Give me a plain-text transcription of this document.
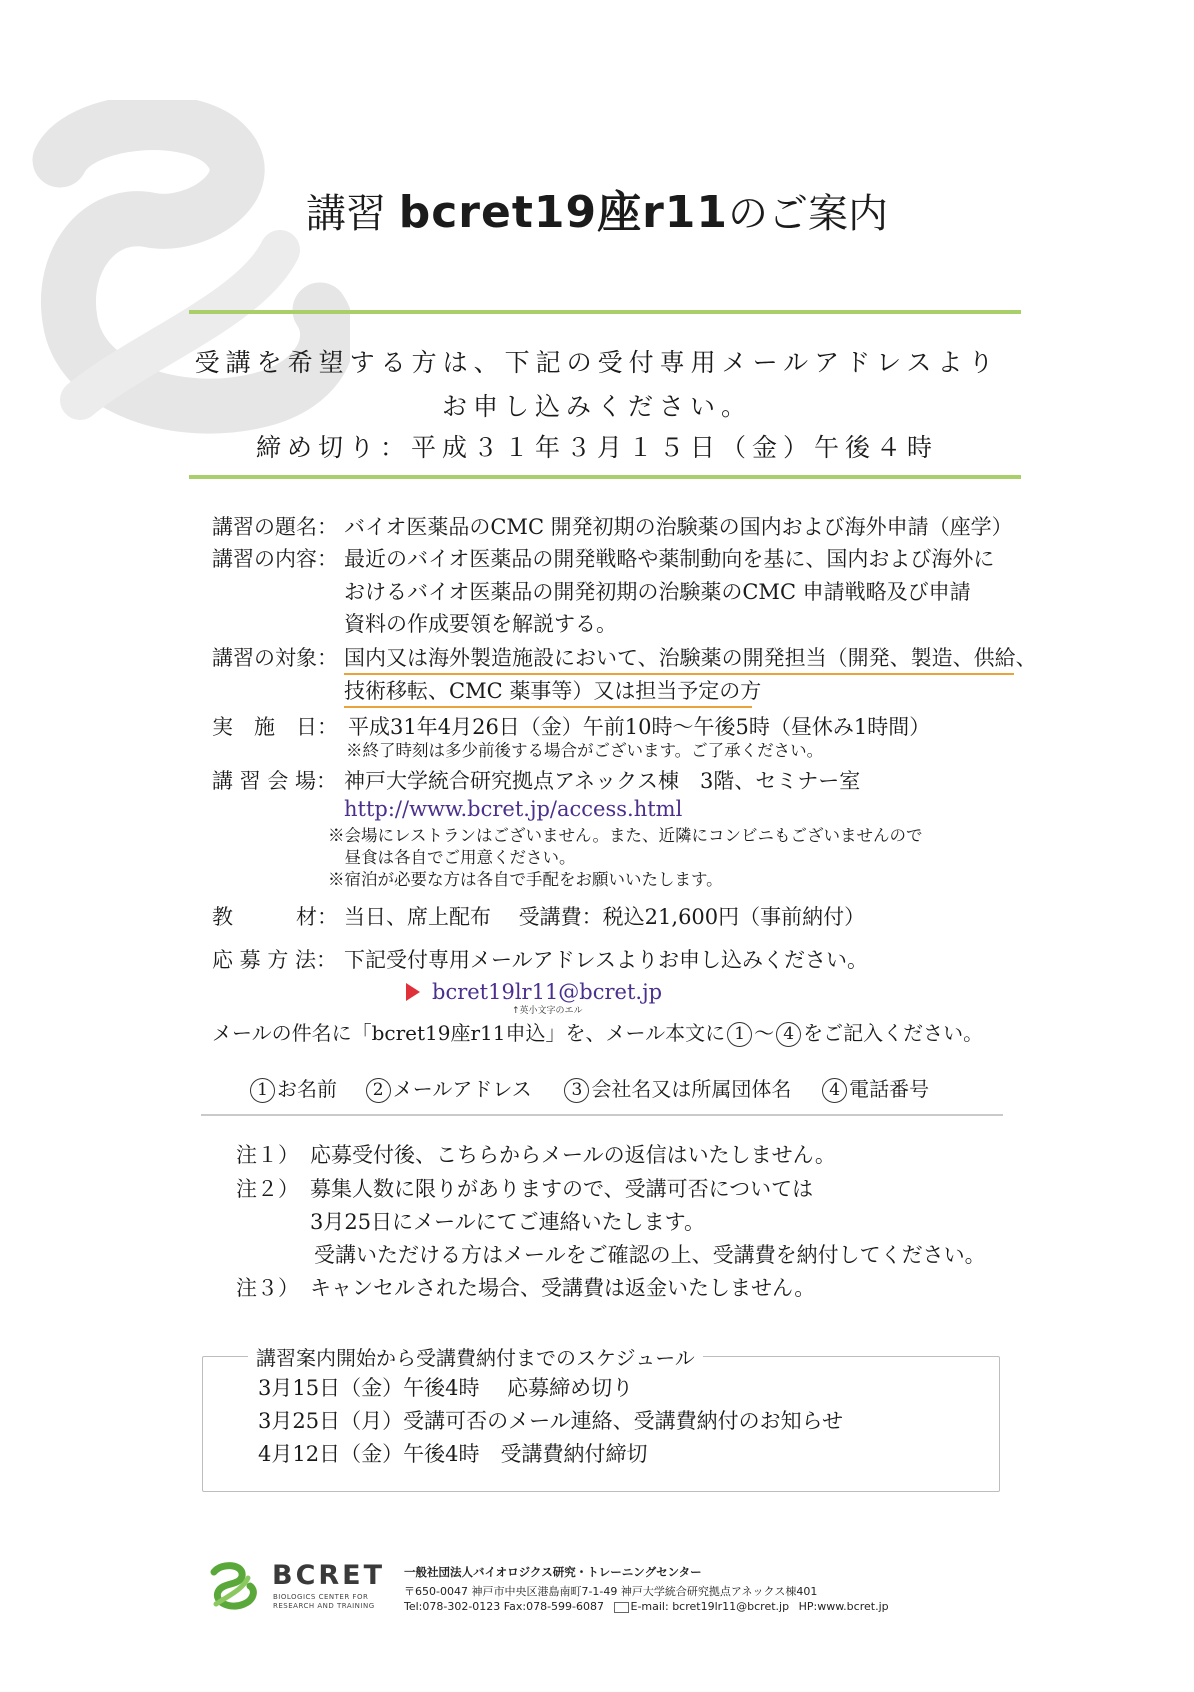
講習 bcret19座r11のご案内
受講を希望する方は、下記の受付専用メールアドレスより
お申し込みください。
締め切り：平成３１年３月１５日（金）午後４時
講習の題名： バイオ医薬品のCMC 開発初期の治験薬の国内および海外申請（座学）
講習の内容： 最近のバイオ医薬品の開発戦略や薬制動向を基に、国内および海外に
おけるバイオ医薬品の開発初期の治験薬のCMC 申請戦略及び申請
資料の作成要領を解説する。
講習の対象： 国内又は海外製造施設において、治験薬の開発担当（開発、製造、供給、
技術移転、CMC 薬事等）又は担当予定の方
実　施　日： 平成31年4月26日（金）午前10時～午後5時（昼休み1時間）
※終了時刻は多少前後する場合がございます。ご了承ください。
講 習 会 場： 神戸大学統合研究拠点アネックス棟　3階、セミナー室
http://www.bcret.jp/access.html
※会場にレストランはございません。また、近隣にコンビニもございませんので
　昼食は各自でご用意ください。
※宿泊が必要な方は各自で手配をお願いいたします。
教　　　材： 当日、席上配布　 受講費：税込21,600円（事前納付）
応 募 方 法： 下記受付専用メールアドレスよりお申し込みください。
bcret19lr11@bcret.jp
↑英小文字のエル
メールの件名に「bcret19座r11申込」を、メール本文に 1 ～ 4 をご記入ください。
1 お名前 2 メールアドレス 3 会社名又は所属団体名 4 電話番号
注１） 応募受付後、こちらからメールの返信はいたしません。
注２） 募集人数に限りがありますので、受講可否については
3月25日にメールにてご連絡いたします。
受講いただける方はメールをご確認の上、受講費を納付してください。
注３） キャンセルされた場合、受講費は返金いたしません。
講習案内開始から受講費納付までのスケジュール
3月15日（金）午後4時　 応募締め切り
3月25日（月）受講可否のメール連絡、受講費納付のお知らせ
4月12日（金）午後4時　受講費納付締切
BCRET
BIOLOGICS CENTER FOR
RESEARCH AND TRAINING
一般社団法人バイオロジクス研究・トレーニングセンター
〒650-0047 神戸市中央区港島南町7-1-49 神戸大学統合研究拠点アネックス棟401
Tel:078-302-0123 Fax:078-599-6087 E-mail: bcret19lr11@bcret.jp HP:www.bcret.jp
